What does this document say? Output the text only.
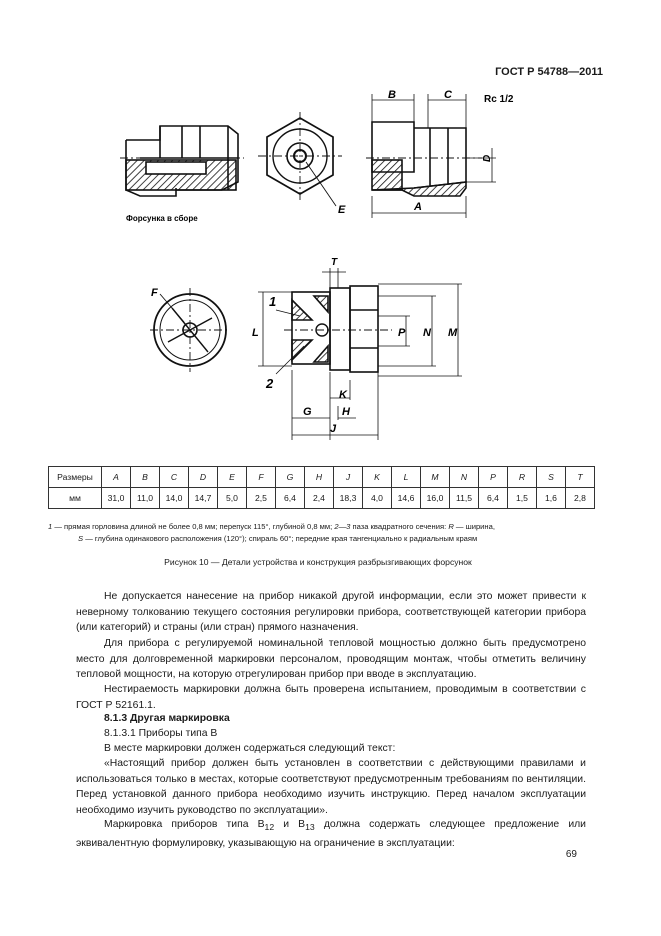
ГОСТ Р 54788—2011
Форсунка в сборе
E
B	C	Rc 1/2
D
A
F
T
L	P N M
1
2
K
G	H
J
Размеры	A	B	C	D	E	F	G	H	J	K	L	M	N	P	R	S	T
мм	31,0	11,0	14,0	14,7	5,0	2,5	6,4	2,4	18,3	4,0	14,6	16,0	11,5	6,4	1,5	1,6	2,8
1 — прямая горловина длиной не более 0,8 мм; перепуск 115°, глубиной 0,8 мм; 2—3 паза квадратного сечения: R — ширина,
S — глубина одинакового расположения (120°); спираль 60°; передние края тангенциально к радиальным краям
Рисунок 10 — Детали устройства и конструкция разбрызгивающих форсунок
Не допускается нанесение на прибор никакой другой информации, если это может привести к неверному толкованию текущего состояния регулировки прибора, соответствующей категории прибора (или категорий) и страны (или стран) прямого назначения.
Для прибора с регулируемой номинальной тепловой мощностью должно быть предусмотрено место для долговременной маркировки персоналом, проводящим монтаж, чтобы отметить величину тепловой мощности, на которую отрегулирован прибор при вводе в эксплуатацию.
Нестираемость маркировки должна быть проверена испытанием, проводимым в соответствии с ГОСТ Р 52161.1.
8.1.3 Другая маркировка
8.1.3.1 Приборы типа B
В месте маркировки должен содержаться следующий текст:
«Настоящий прибор должен быть установлен в соответствии с действующими правилами и использоваться только в местах, которые соответствуют предусмотренным требованиям по вентиляции. Перед установкой данного прибора необходимо изучить инструкцию. Перед началом эксплуатации необходимо изучить руководство по эксплуатации».
Маркировка приборов типа $B_{12}$ и $B_{13}$ должна содержать следующее предложение или эквивалентную формулировку, указывающую на ограничение в эксплуатации:
69
